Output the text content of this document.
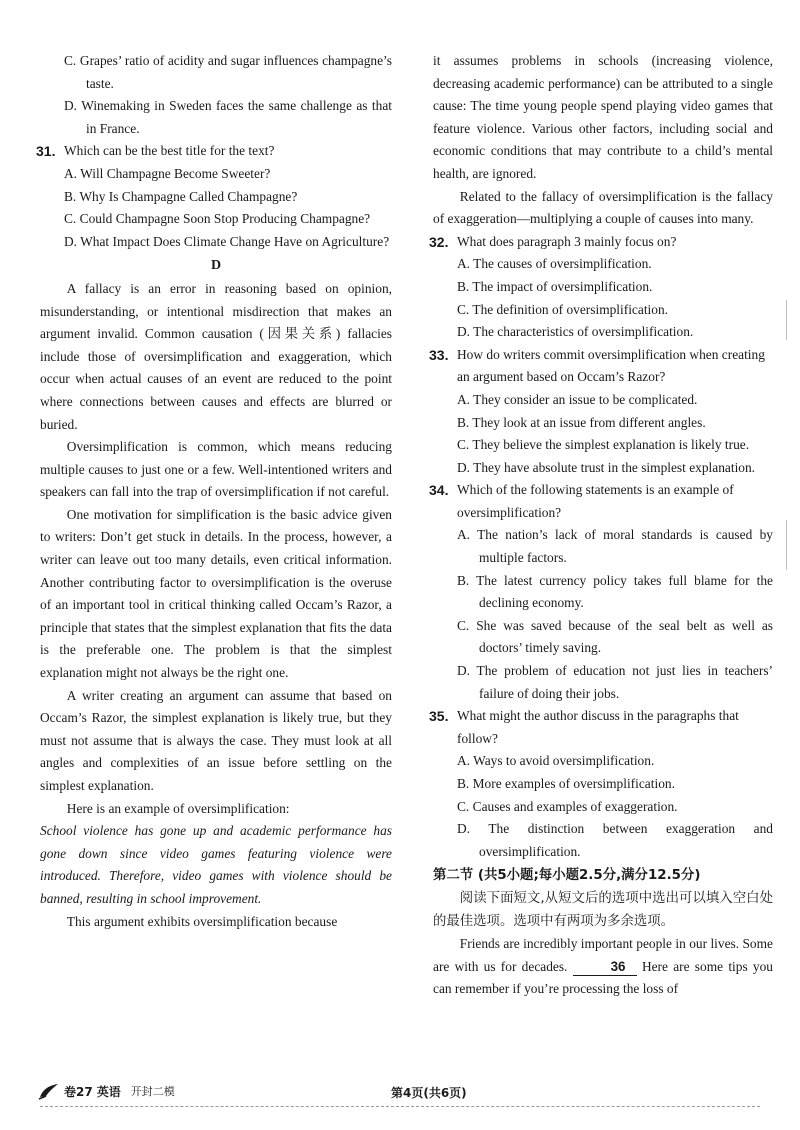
C. Grapes’ ratio of acidity and sugar influences champagne’s taste.

D. Winemaking in Sweden faces the same challenge as that in France.

31. Which can be the best title for the text?

A. Will Champagne Become Sweeter?

B. Why Is Champagne Called Champagne?

C. Could Champagne Soon Stop Producing Champagne?

D. What Impact Does Climate Change Have on Agriculture?

D

A fallacy is an error in reasoning based on opinion, misunderstanding, or intentional misdirection that makes an argument invalid. Common causation (因果关系) fallacies include those of oversimplification and exaggeration, which occur when actual causes of an event are reduced to the point where connections between causes and effects are blurred or buried.

Oversimplification is common, which means reducing multiple causes to just one or a few. Well-intentioned writers and speakers can fall into the trap of oversimplification if not careful.

One motivation for simplification is the basic advice given to writers: Don’t get stuck in details. In the process, however, a writer can leave out too many details, even critical information. Another contributing factor to oversimplification is the overuse of an important tool in critical thinking called Occam’s Razor, a principle that states that the simplest explanation that fits the data is the preferable one. The problem is that the simplest explanation might not always be the right one.

A writer creating an argument can assume that based on Occam’s Razor, the simplest explanation is likely true, but they must not assume that is always the case. They must look at all angles and complexities of an issue before settling on the simplest explanation.

Here is an example of oversimplification:

School violence has gone up and academic performance has gone down since video games featuring violence were introduced. Therefore, video games with violence should be banned, resulting in school improvement.

This argument exhibits oversimplification because

it assumes problems in schools (increasing violence, decreasing academic performance) can be attributed to a single cause: The time young people spend playing video games that feature violence. Various other factors, including social and economic conditions that may contribute to a child’s mental health, are ignored.

Related to the fallacy of oversimplification is the fallacy of exaggeration—multiplying a couple of causes into many.

32. What does paragraph 3 mainly focus on?

A. The causes of oversimplification.

B. The impact of oversimplification.

C. The definition of oversimplification.

D. The characteristics of oversimplification.

33. How do writers commit oversimplification when creating an argument based on Occam’s Razor?

A. They consider an issue to be complicated.

B. They look at an issue from different angles.

C. They believe the simplest explanation is likely true.

D. They have absolute trust in the simplest explanation.

34. Which of the following statements is an example of oversimplification?

A. The nation’s lack of moral standards is caused by multiple factors.

B. The latest currency policy takes full blame for the declining economy.

C. She was saved because of the seal belt as well as doctors’ timely saving.

D. The problem of education not just lies in teachers’ failure of doing their jobs.

35. What might the author discuss in the paragraphs that follow?

A. Ways to avoid oversimplification.

B. More examples of oversimplification.

C. Causes and examples of exaggeration.

D. The distinction between exaggeration and oversimplification.

第二节 (共5小题;每小题2.5分,满分12.5分)

阅读下面短文,从短文后的选项中选出可以填入空白处的最佳选项。选项中有两项为多余选项。

Friends are incredibly important people in our lives. Some are with us for decades.	36 Here are some tips you can remember if you’re processing the loss of

卷27 英语 开封二模	第4页(共6页)
